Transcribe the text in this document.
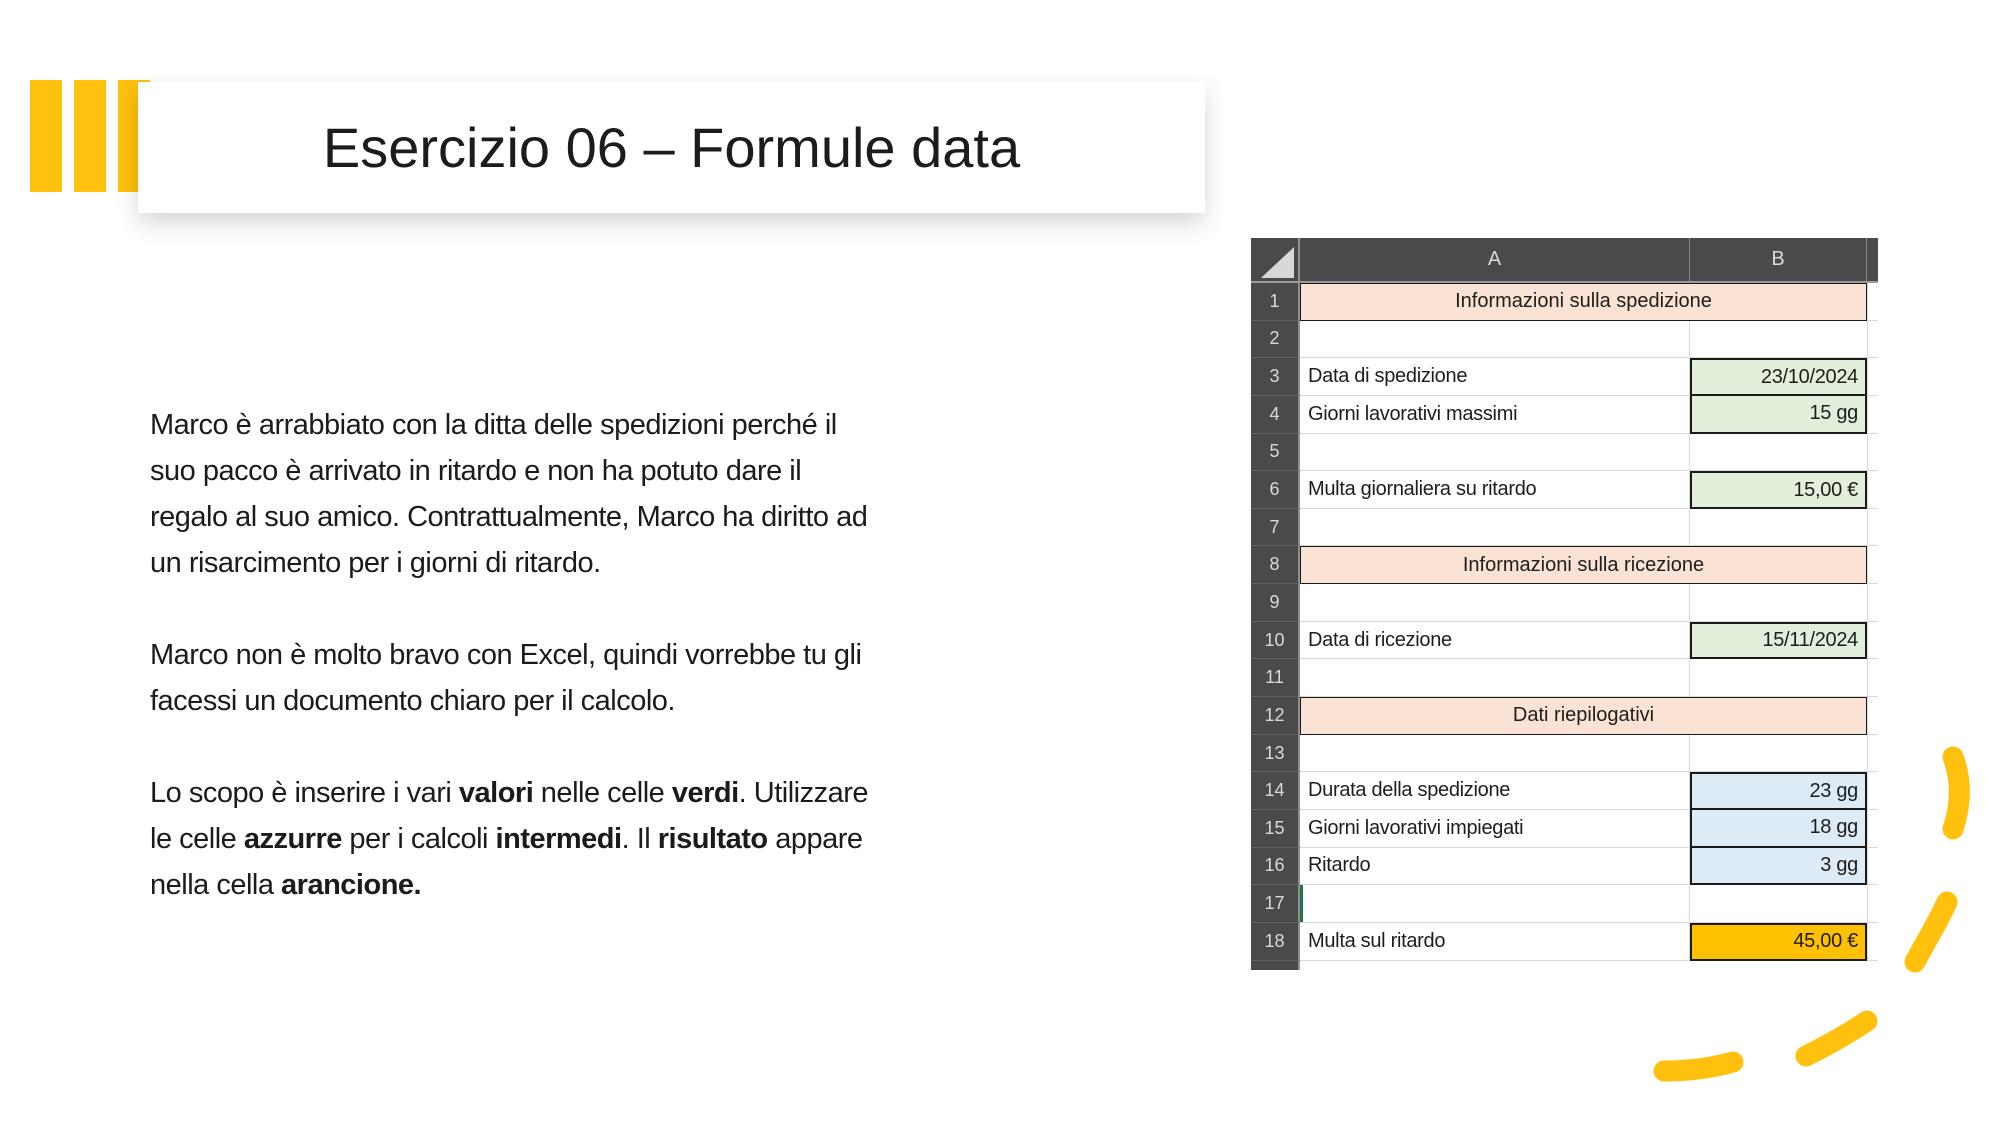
Esercizio 06 – Formule data
Marco è arrabbiato con la ditta delle spedizioni perché il
suo pacco è arrivato in ritardo e non ha potuto dare il
regalo al suo amico. Contrattualmente, Marco ha diritto ad
un risarcimento per i giorni di ritardo.
Marco non è molto bravo con Excel, quindi vorrebbe tu gli
facessi un documento chiaro per il calcolo.
Lo scopo è inserire i vari valori nelle celle verdi. Utilizzare
le celle azzurre per i calcoli intermedi. Il risultato appare
nella cella arancione.
A	B
1	Informazioni sulla spedizione
2
3	Data di spedizione	23/10/2024
4	Giorni lavorativi massimi	15 gg
5
6	Multa giornaliera su ritardo	15,00 €
7
8	Informazioni sulla ricezione
9
10	Data di ricezione	15/11/2024
11
12	Dati riepilogativi
13
14	Durata della spedizione	23 gg
15	Giorni lavorativi impiegati	18 gg
16	Ritardo	3 gg
17
18	Multa sul ritardo	45,00 €
